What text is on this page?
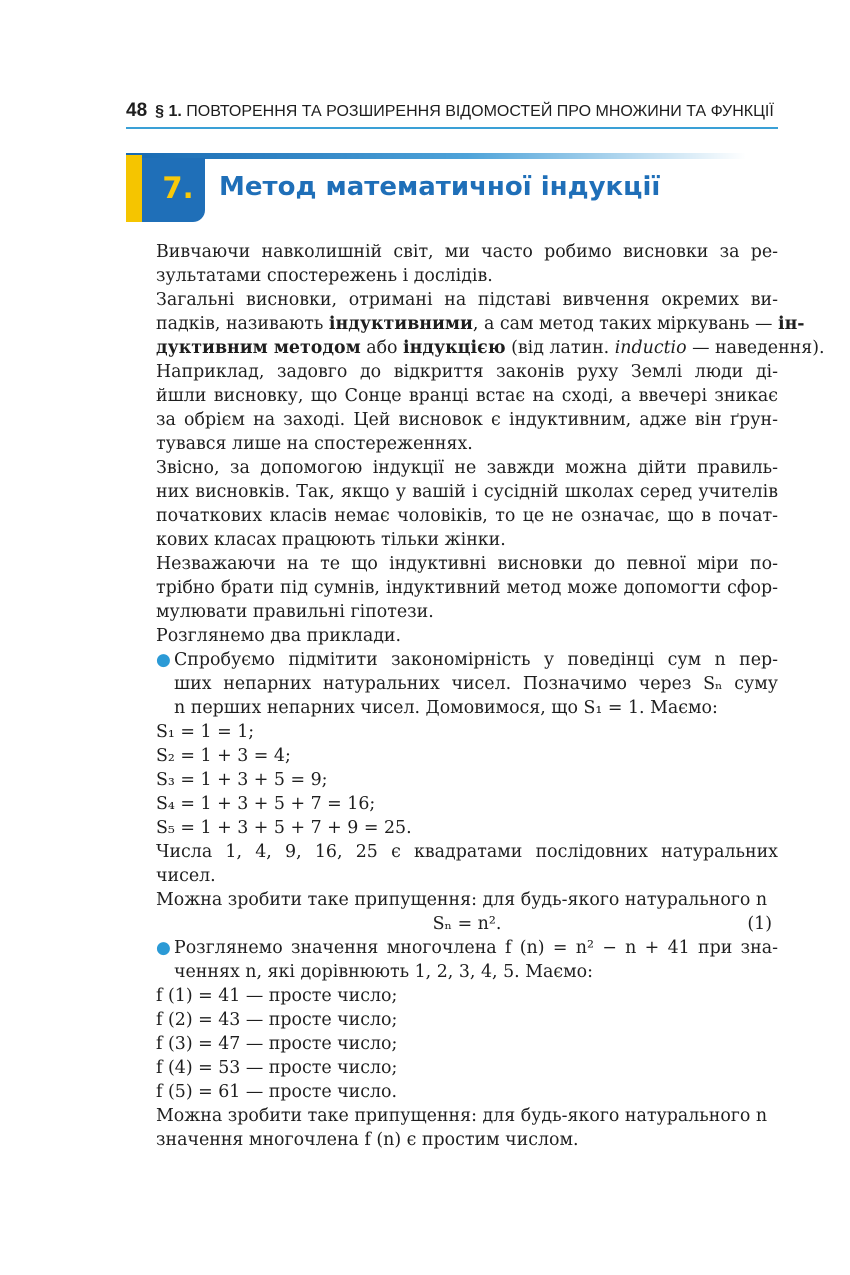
48 § 1. ПОВТОРЕННЯ ТА РОЗШИРЕННЯ ВІДОМОСТЕЙ ПРО МНОЖИНИ ТА ФУНКЦІЇ
7. Метод математичної індукції
Вивчаючи навколишній світ, ми часто робимо висновки за ре-
зультатами спостережень і дослідів.
Загальні висновки, отримані на підставі вивчення окремих ви-
падків, називають індуктивними, а сам метод таких міркувань — ін-
дуктивним методом або індукцією (від латин. inductio — наведення).
Наприклад, задовго до відкриття законів руху Землі люди ді-
йшли висновку, що Сонце вранці встає на сході, а ввечері зникає
за обрієм на заході. Цей висновок є індуктивним, адже він ґрун-
тувався лише на спостереженнях.
Звісно, за допомогою індукції не завжди можна дійти правиль-
них висновків. Так, якщо у вашій і сусідній школах серед учителів
початкових класів немає чоловіків, то це не означає, що в почат-
кових класах працюють тільки жінки.
Незважаючи на те що індуктивні висновки до певної міри по-
трібно брати під сумнів, індуктивний метод може допомогти сфор-
мулювати правильні гіпотези.
Розглянемо два приклади.
● Спробуємо підмітити закономірність у поведінці сум n пер-
ших непарних натуральних чисел. Позначимо через Sₙ суму
n перших непарних чисел. Домовимося, що S₁ = 1. Маємо:
S₁ = 1 = 1;
S₂ = 1 + 3 = 4;
S₃ = 1 + 3 + 5 = 9;
S₄ = 1 + 3 + 5 + 7 = 16;
S₅ = 1 + 3 + 5 + 7 + 9 = 25.
Числа 1, 4, 9, 16, 25 є квадратами послідовних натуральних
чисел.
Можна зробити таке припущення: для будь-якого натурального n
Sₙ = n².	(1)
● Розглянемо значення многочлена f (n) = n² − n + 41 при зна-
ченнях n, які дорівнюють 1, 2, 3, 4, 5. Маємо:
f (1) = 41 — просте число;
f (2) = 43 — просте число;
f (3) = 47 — просте число;
f (4) = 53 — просте число;
f (5) = 61 — просте число.
Можна зробити таке припущення: для будь-якого натурального n
значення многочлена f (n) є простим числом.
